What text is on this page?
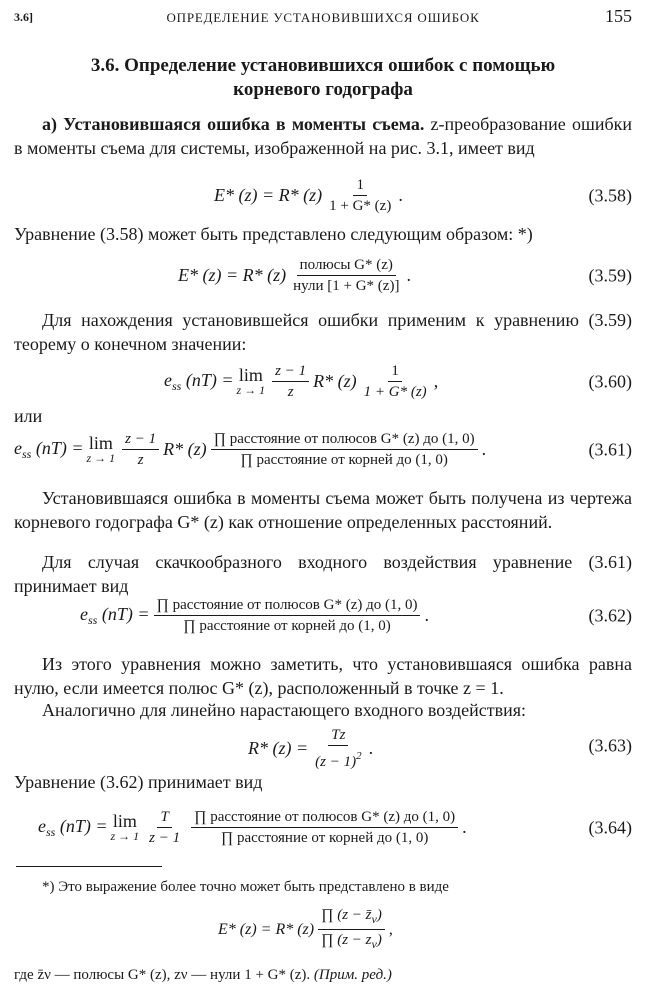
3.6]	ОПРЕДЕЛЕНИЕ УСТАНОВИВШИХСЯ ОШИБОК	155
3.6. Определение установившихся ошибок с помощью
корневого годографа

а) Установившаяся ошибка в моменты съема. z-преобразование ошибки в моменты съема для системы, изображенной на рис. 3.1, имеет вид

E* (z) = R* $(z) \frac{1}{1 + G* (z)}$ .	(3.58)

Уравнение (3.58) может быть представлено следующим образом: *)

E* (z) = R* $(z) \frac{\text{полюсы G* (z)}}{\text{нули [1 + G* (z)]}}$ .	(3.59)

Для нахождения установившейся ошибки применим к уравнению (3.59) теорему о конечном значении:

$e_{ss}$ (nT) = lim
$z \to 1 \frac{z - 1}{z} R*$ $(z) \frac{1}{1 + G* (z)}$ ,	(3.60)

или

$e_{ss}$ (nT) = lim
$z \to 1 \frac{z - 1}{z} R*$ $(z) \frac{\text{∏ расстояние от полюсов G* (z) до (1, 0)}}{\text{∏ расстояние от корней до (1, 0)}}$ .	(3.61)

Установившаяся ошибка в моменты съема может быть получена из чертежа корневого годографа G* (z) как отношение определенных расстояний.

Для случая скачкообразного входного воздействия уравнение (3.61) принимает вид

$e_{ss}$ $(nT) = \frac{\text{∏ расстояние от полюсов G* (z) до (1, 0)}}{\text{∏ расстояние от корней до (1, 0)}}$ .	(3.62)

Из этого уравнения можно заметить, что установившаяся ошибка равна нулю, если имеется полюс G* (z), расположенный в точке z = 1.

Аналогично для линейно нарастающего входного воздействия:

R* $(z) = \frac{Tz}{(z - 1)^2}$ .	(3.63)

Уравнение (3.62) принимает вид

$e_{ss}$ (nT) = lim
$z \to 1 \frac{T}{z - 1} \frac{\text{∏ расстояние от полюсов G* (z) до (1, 0)}}{\text{∏ расстояние от корней до (1, 0)}}$ .	(3.64)
*) Это выражение более точно может быть представлено в виде
E* (z) = R* $(z) \frac{\prod (z - z̄_\nu)}{\prod (z - z_\nu)}$ ,
где z̄ν — полюсы G* (z), zν — нули 1 + G* (z). (Прим. ред.)
